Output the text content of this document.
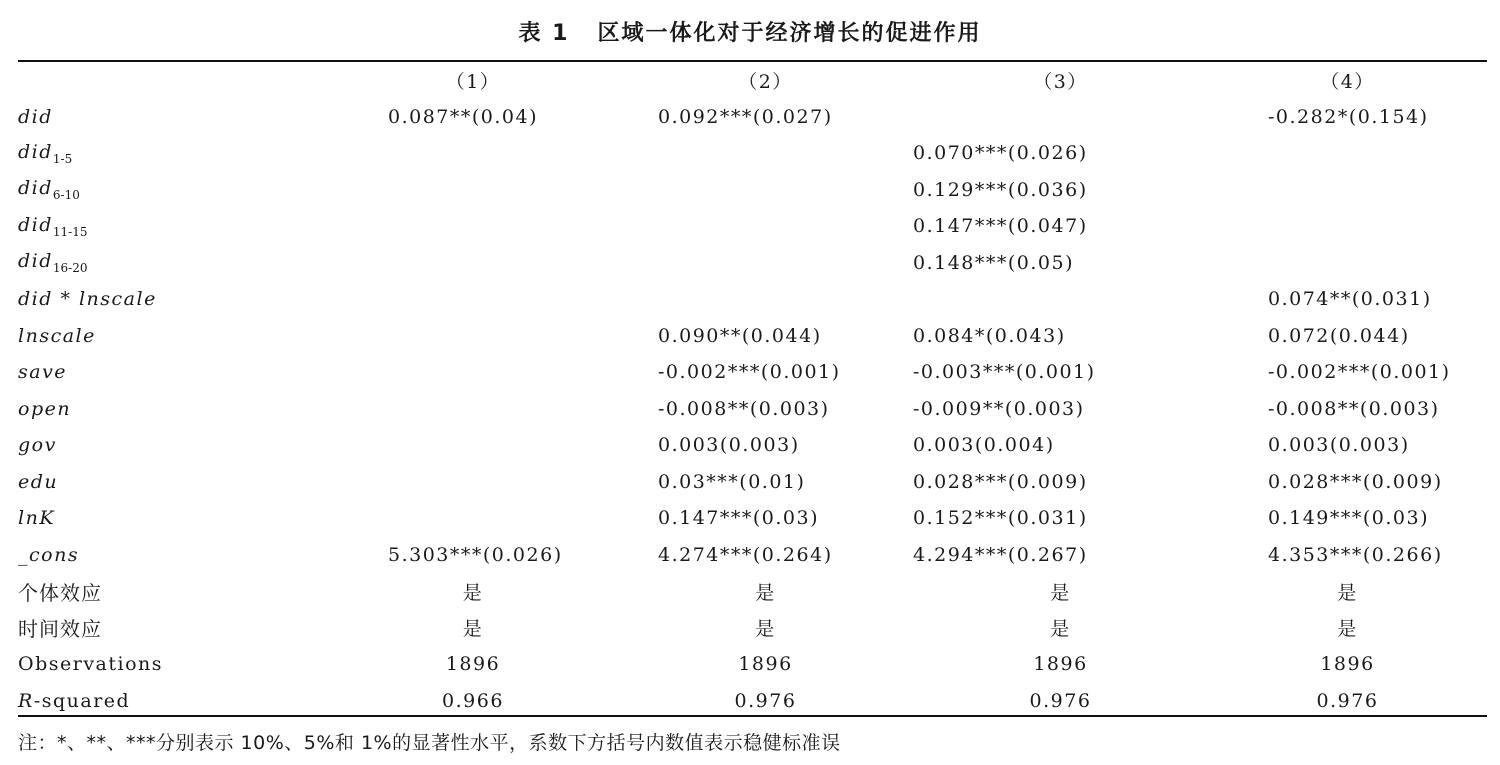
表 1 区域一体化对于经济增长的促进作用
	（1）	（2）	（3）	（4）
did	0.087**(0.04)	0.092***(0.027)		-0.282*(0.154)
did$_{1-5}$			0.070***(0.026)	
did$_{6-10}$			0.129***(0.036)	
did$_{11-15}$			0.147***(0.047)	
did$_{16-20}$			0.148***(0.05)	
did * lnscale				0.074**(0.031)
lnscale		0.090**(0.044)	0.084*(0.043)	0.072(0.044)
save		-0.002***(0.001)	-0.003***(0.001)	-0.002***(0.001)
open		-0.008**(0.003)	-0.009**(0.003)	-0.008**(0.003)
gov		0.003(0.003)	0.003(0.004)	0.003(0.003)
edu		0.03***(0.01)	0.028***(0.009)	0.028***(0.009)
lnK		0.147***(0.03)	0.152***(0.031)	0.149***(0.03)
_cons	5.303***(0.026)	4.274***(0.264)	4.294***(0.267)	4.353***(0.266)
个体效应	是	是	是	是
时间效应	是	是	是	是
Observations	1896	1896	1896	1896
R-squared	0.966	0.976	0.976	0.976
注：*、**、***分别表示 10%、5%和 1%的显著性水平，系数下方括号内数值表示稳健标准误
